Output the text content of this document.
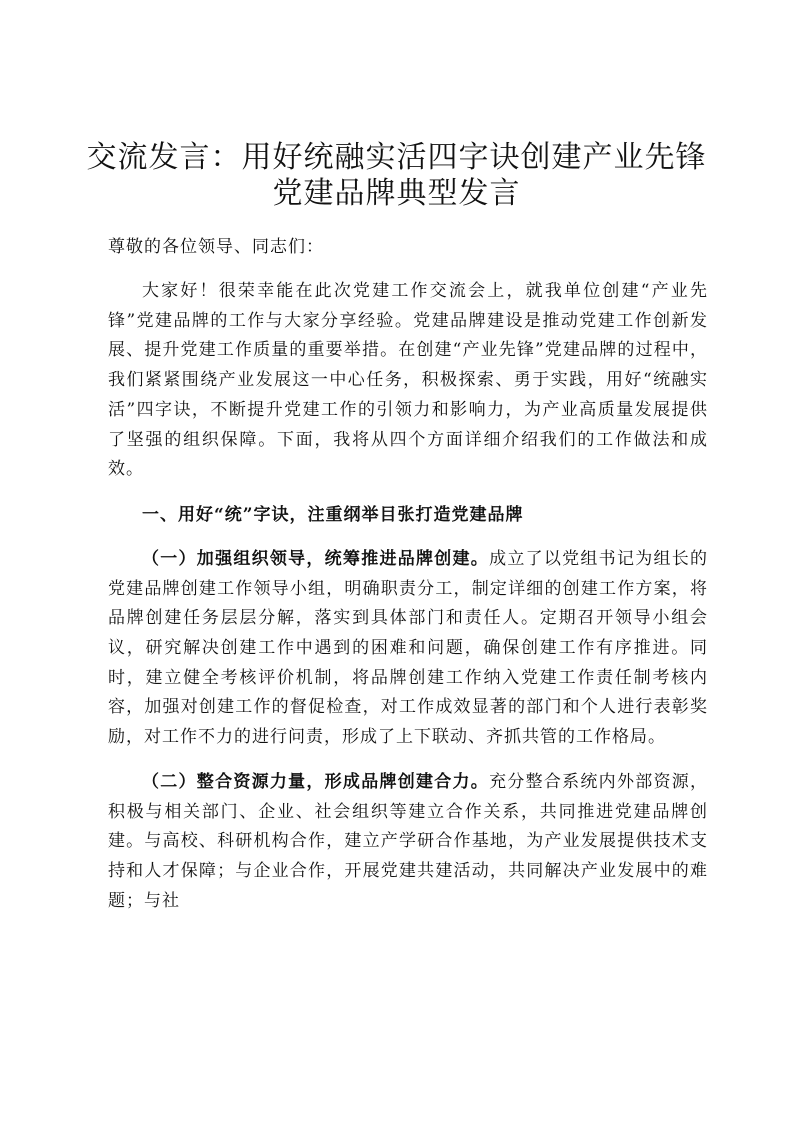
交流发言：用好统融实活四字诀创建产业先锋
党建品牌典型发言

尊敬的各位领导、同志们：

大家好！很荣幸能在此次党建工作交流会上，就我单位创建“产业先锋”党建品牌的工作与大家分享经验。党建品牌建设是推动党建工作创新发展、提升党建工作质量的重要举措。在创建“产业先锋”党建品牌的过程中，我们紧紧围绕产业发展这一中心任务，积极探索、勇于实践，用好“统融实活”四字诀，不断提升党建工作的引领力和影响力，为产业高质量发展提供了坚强的组织保障。下面，我将从四个方面详细介绍我们的工作做法和成效。

一、用好“统”字诀，注重纲举目张打造党建品牌

（一）加强组织领导，统筹推进品牌创建。成立了以党组书记为组长的党建品牌创建工作领导小组，明确职责分工，制定详细的创建工作方案，将品牌创建任务层层分解，落实到具体部门和责任人。定期召开领导小组会议，研究解决创建工作中遇到的困难和问题，确保创建工作有序推进。同时，建立健全考核评价机制，将品牌创建工作纳入党建工作责任制考核内容，加强对创建工作的督促检查，对工作成效显著的部门和个人进行表彰奖励，对工作不力的进行问责，形成了上下联动、齐抓共管的工作格局。

（二）整合资源力量，形成品牌创建合力。充分整合系统内外部资源，积极与相关部门、企业、社会组织等建立合作关系，共同推进党建品牌创建。与高校、科研机构合作，建立产学研合作基地，为产业发展提供技术支持和人才保障；与企业合作，开展党建共建活动，共同解决产业发展中的难题；与社
